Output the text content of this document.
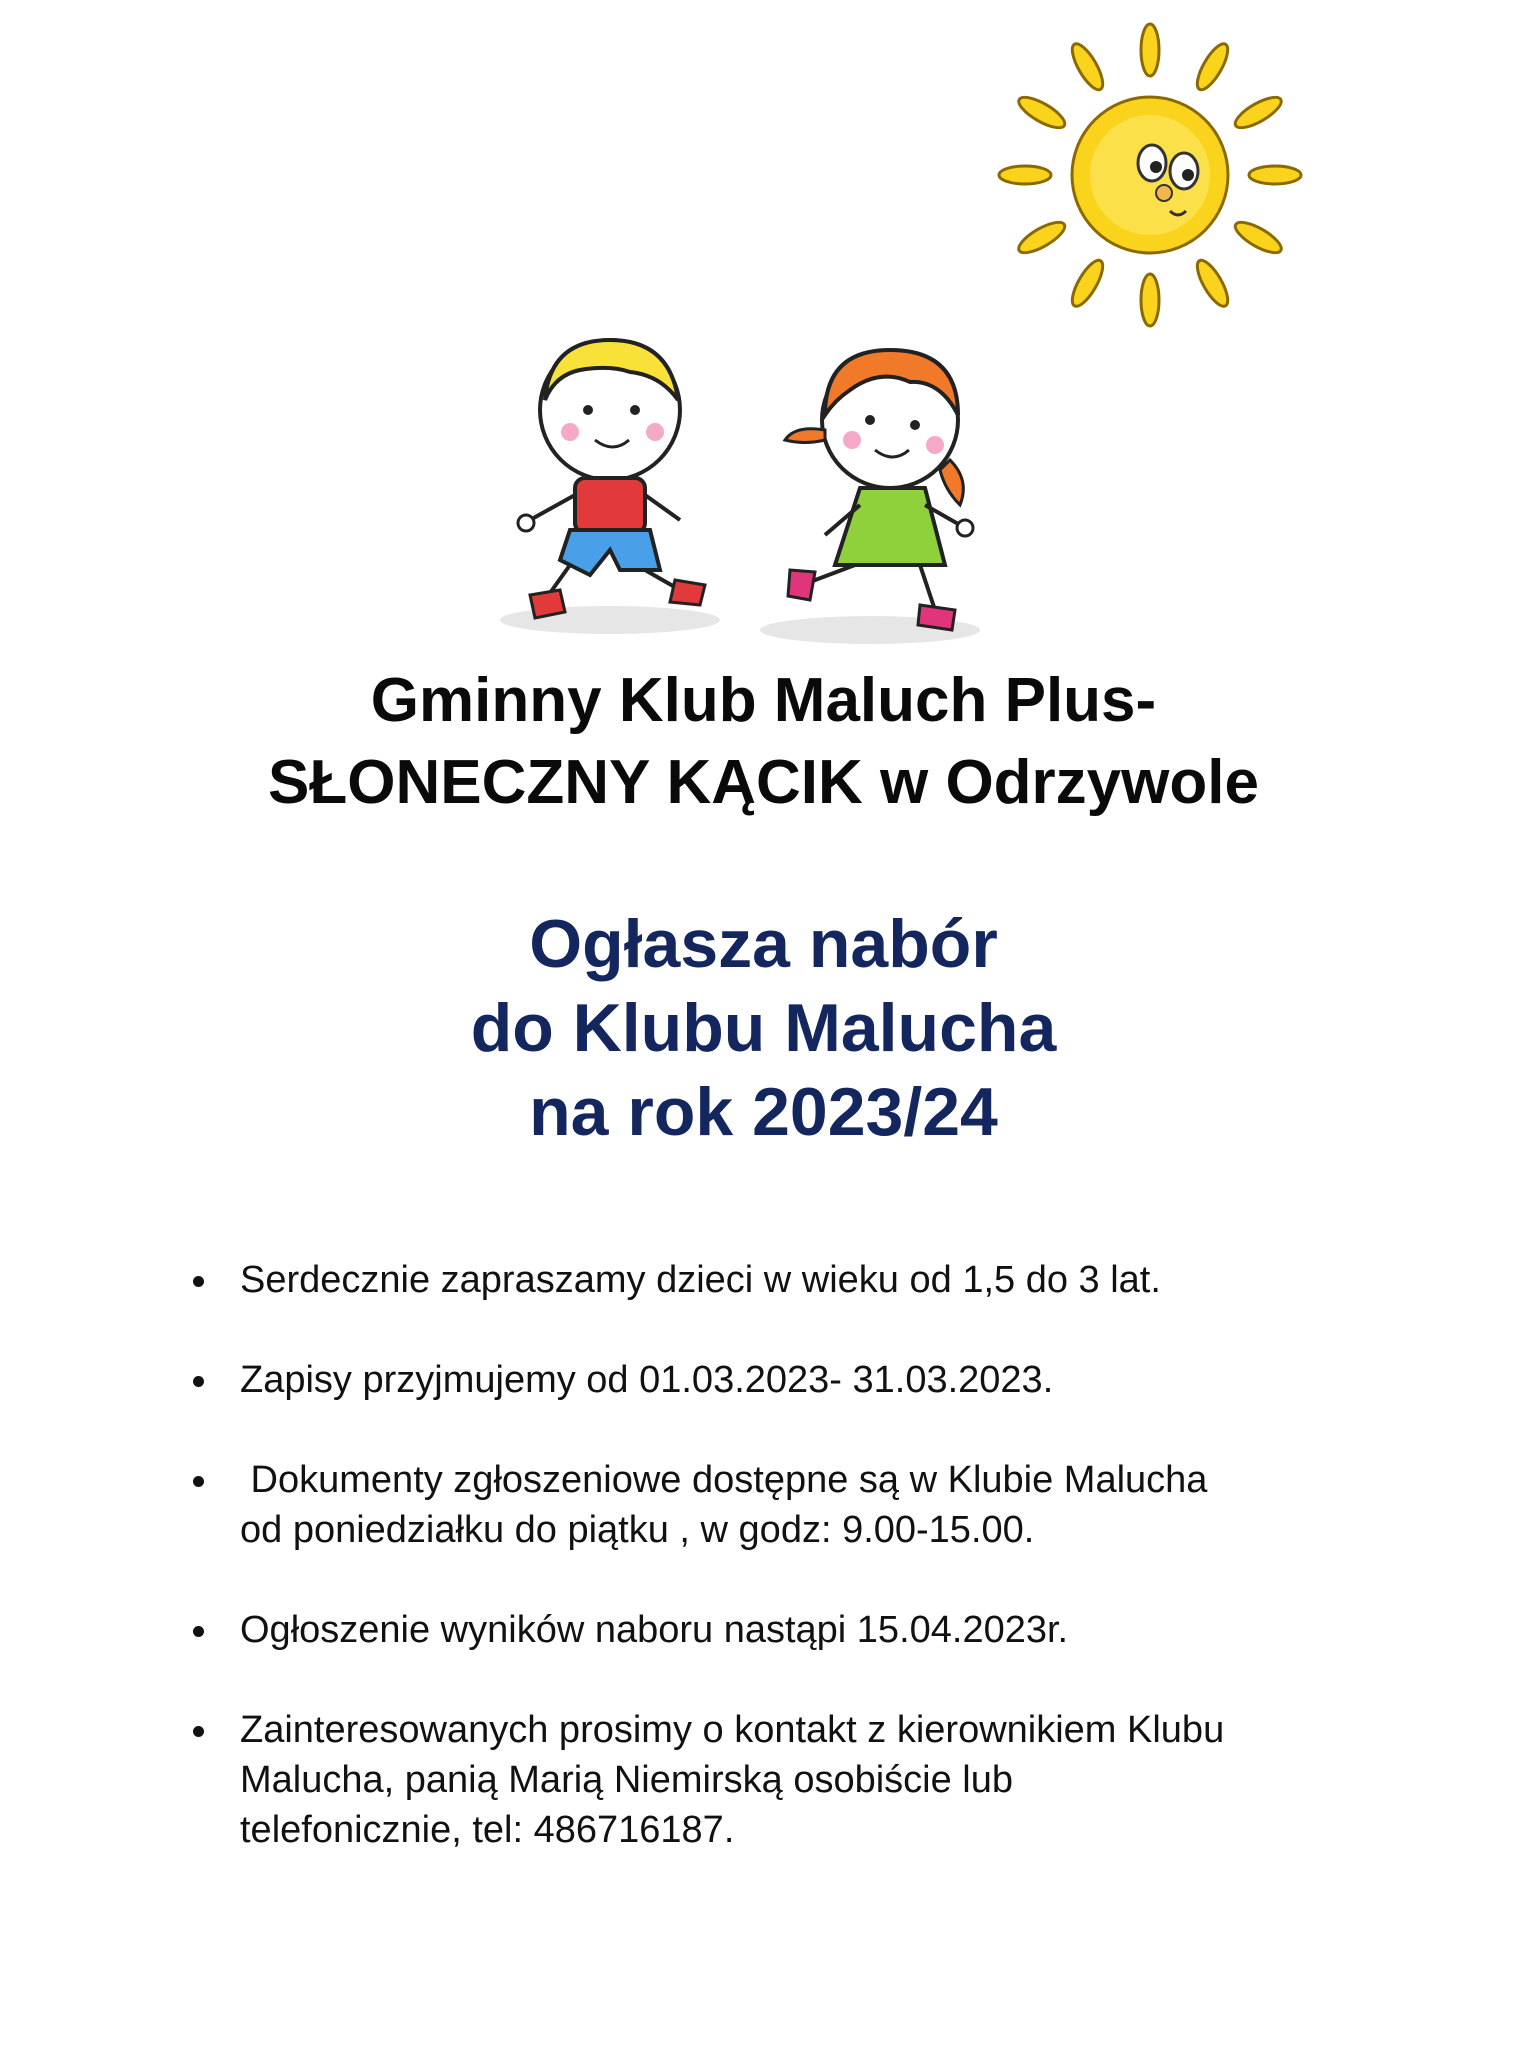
Gminny Klub Maluch Plus-
SŁONECZNY KĄCIK w Odrzywole
Ogłasza nabór
do Klubu Malucha
na rok 2023/24
Serdecznie zapraszamy dzieci w wieku od 1,5 do 3 lat.
Zapisy przyjmujemy od 01.03.2023- 31.03.2023.
Dokumenty zgłoszeniowe dostępne są w Klubie Malucha
od poniedziałku do piątku , w godz: 9.00-15.00.
Ogłoszenie wyników naboru nastąpi 15.04.2023r.
Zainteresowanych prosimy o kontakt z kierownikiem Klubu
Malucha, panią Marią Niemirską osobiście lub
telefonicznie, tel: 486716187.
